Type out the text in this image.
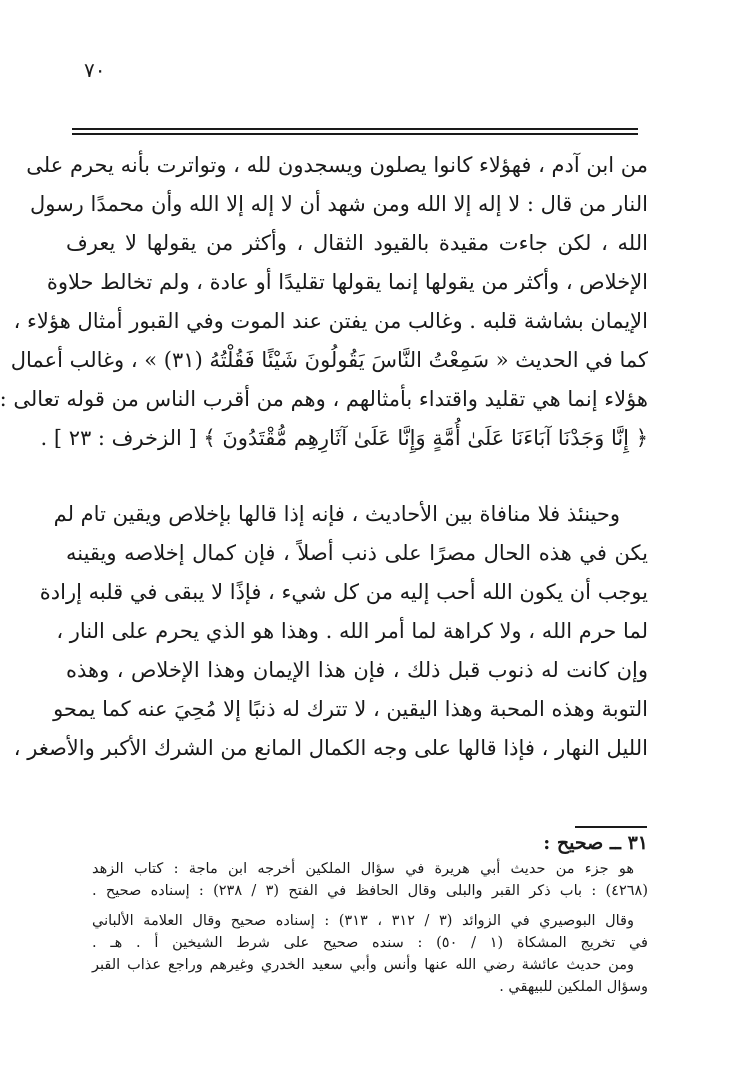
٧٠
من ابن آدم ، فهؤلاء كانوا يصلون ويسجدون لله ، وتواترت بأنه يحرم على
النار من قال : لا إله إلا الله ومن شهد أن لا إله إلا الله وأن محمدًا رسول
الله ، لكن جاءت مقيدة بالقيود الثقال ، وأكثر من يقولها لا يعرف
الإخلاص ، وأكثر من يقولها إنما يقولها تقليدًا أو عادة ، ولم تخالط حلاوة
الإيمان بشاشة قلبه . وغالب من يفتن عند الموت وفي القبور أمثال هؤلاء ،
كما في الحديث « سَمِعْتُ النَّاسَ يَقُولُونَ شَيْئًا فَقُلْتُهُ (٣١) » ، وغالب أعمال
هؤلاء إنما هي تقليد واقتداء بأمثالهم ، وهم من أقرب الناس من قوله تعالى :
﴿ إِنَّا وَجَدْنَا آبَاءَنَا عَلَىٰ أُمَّةٍ وَإِنَّا عَلَىٰ آثَارِهِم مُّقْتَدُونَ ﴾ [ الزخرف : ٢٣ ] .
وحينئذ فلا منافاة بين الأحاديث ، فإنه إذا قالها بإخلاص ويقين تام لم
يكن في هذه الحال مصرًا على ذنب أصلاً ، فإن كمال إخلاصه ويقينه
يوجب أن يكون الله أحب إليه من كل شيء ، فإذًا لا يبقى في قلبه إرادة
لما حرم الله ، ولا كراهة لما أمر الله . وهذا هو الذي يحرم على النار ،
وإن كانت له ذنوب قبل ذلك ، فإن هذا الإيمان وهذا الإخلاص ، وهذه
التوبة وهذه المحبة وهذا اليقين ، لا تترك له ذنبًا إلا مُحِيَ عنه كما يمحو
الليل النهار ، فإذا قالها على وجه الكمال المانع من الشرك الأكبر والأصغر ،
٣١ ــ صحيح :
هو جزء من حديث أبي هريرة في سؤال الملكين أخرجه ابن ماجة : كتاب الزهد
(٤٢٦٨) : باب ذكر القبر والبلى وقال الحافظ في الفتح (٣ / ٢٣٨) : إسناده صحيح .
وقال البوصيري في الزوائد (٣ / ٣١٢ ، ٣١٣) : إسناده صحيح وقال العلامة الألباني
في تخريج المشكاة (١ / ٥٠) : سنده صحيح على شرط الشيخين أ . هـ .
ومن حديث عائشة رضي الله عنها وأنس وأبي سعيد الخدري وغيرهم وراجع عذاب القبر
وسؤال الملكين للبيهقي .
